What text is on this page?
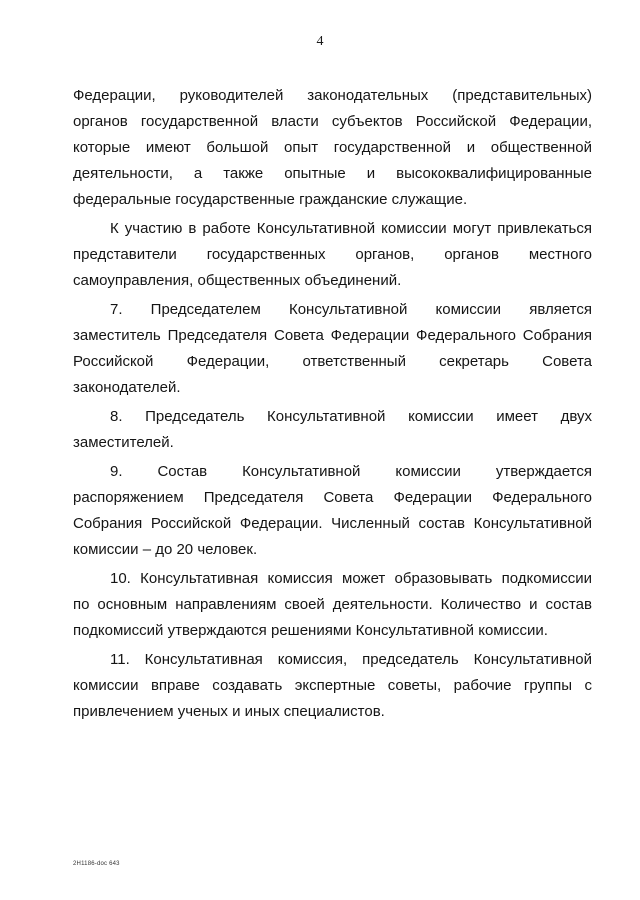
4
Федерации, руководителей законодательных (представительных)
органов государственной власти субъектов Российской Федерации,
которые имеют большой опыт государственной и общественной
деятельности, а также опытные и высококвалифицированные
федеральные государственные гражданские служащие.
К участию в работе Консультативной комиссии могут привлекаться
представители государственных органов, органов местного
самоуправления, общественных объединений.
7. Председателем Консультативной комиссии является
заместитель Председателя Совета Федерации Федерального Собрания
Российской Федерации, ответственный секретарь Совета
законодателей.
8. Председатель Консультативной комиссии имеет двух
заместителей.
9. Состав Консультативной комиссии утверждается
распоряжением Председателя Совета Федерации Федерального
Собрания Российской Федерации. Численный состав Консультативной
комиссии – до 20 человек.
10. Консультативная комиссия может образовывать подкомиссии
по основным направлениям своей деятельности. Количество и состав
подкомиссий утверждаются решениями Консультативной комиссии.
11. Консультативная комиссия, председатель Консультативной
комиссии вправе создавать экспертные советы, рабочие группы с
привлечением ученых и иных специалистов.
2H1186-doc 643
